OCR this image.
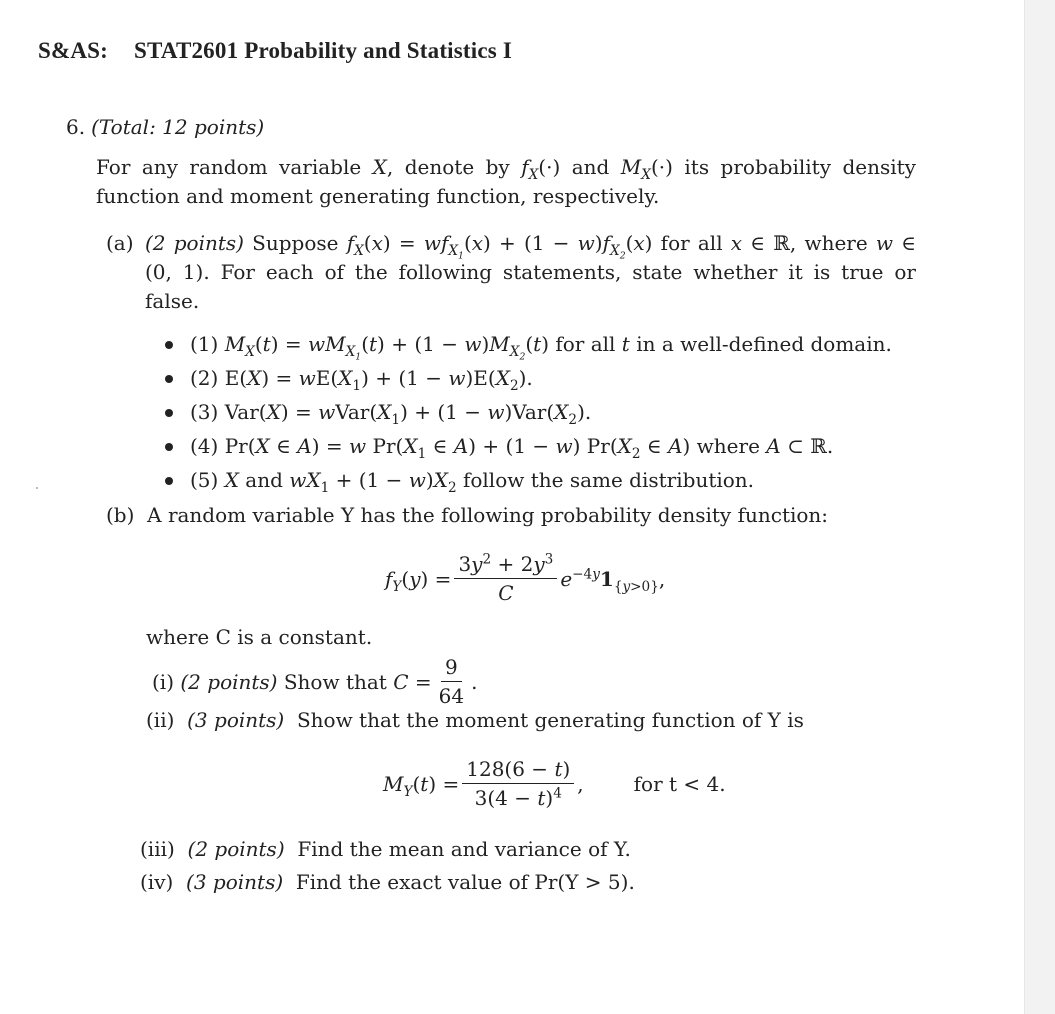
S&AS: STAT2601 Probability and Statistics I
6. (Total: 12 points)
For any random variable X, denote by $f_X(\cdot)$ and $M_X(\cdot)$ its probability density function and moment generating function, respectively.
(a) (2 points) Suppose $f_X(x) = wf_{X_1}(x) + (1 - w)f_{X_2}(x)$ for all x ∈ ℝ, where w ∈ (0, 1). For each of the following statements, state whether it is true or false.
(1) $M_X(t) = wM_{X_1}(t) + (1 - w)M_{X_2}(t)$ for all t in a well-defined domain.
(2) $E(X) = wE(X_1) + (1 - w)E(X_2)$.
(3) $Var(X) = wVar(X_1) + (1 - w)Var(X_2)$.
(4) Pr(X ∈ A) = w $Pr(X_1$ ∈ A) + (1 − w) $Pr(X_2$ ∈ A) where A ⊂ ℝ.
(5) X and $wX_1 + (1 - w)X_2$ follow the same distribution.
(b) A random variable Y has the following probability density function:
$f_Y(y) = \frac{3y^2 + 2y^3}{C} e^{-4y}1_{\{y>0\}}$,
where C is a constant.
(i)
(2 points)
Show that
$C = \frac{9}{64}$ .
(ii) (3 points) Show that the moment generating function of Y is
$M_Y(t) = \frac{128(6 - t)}{3(4 - t)^4}$ ,	for t < 4.
(iii) (2 points) Find the mean and variance of Y.
(iv) (3 points) Find the exact value of Pr(Y > 5).
